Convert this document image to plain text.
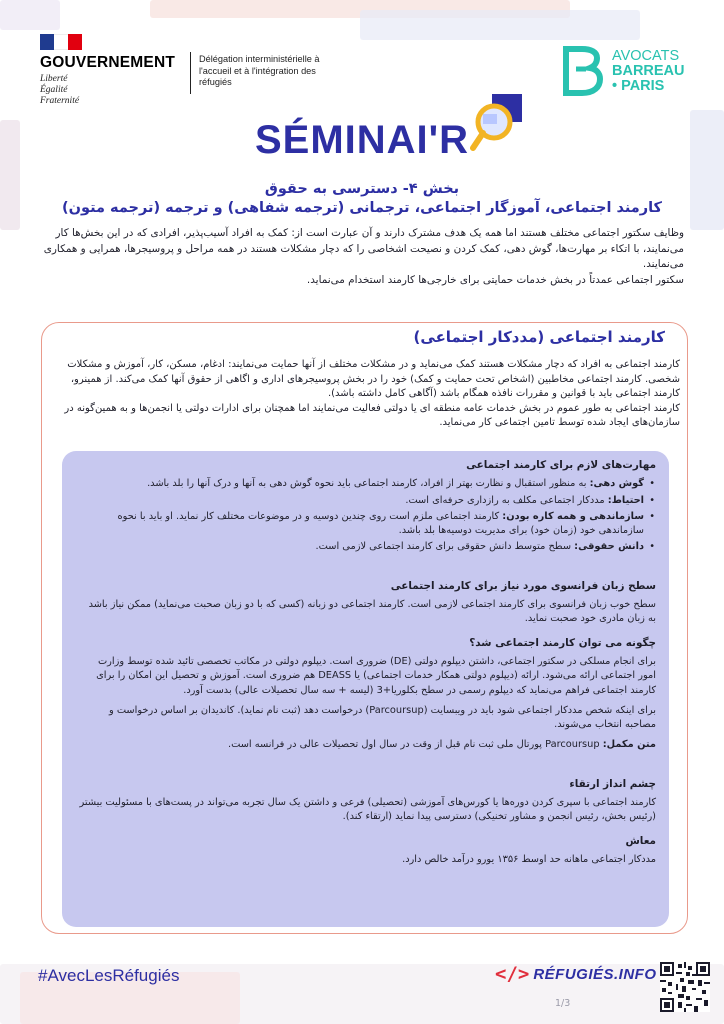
GOUVERNEMENT
Liberté
Égalité
Fraternité
Délégation interministérielle à
l'accueil et à l'intégration des
réfugiés
AVOCATS
BARREAU
• PARIS
SÉMINAI'R
بخش ۴- دسترسی به حقوق
کارمند اجتماعی، آموزگار اجتماعی، ترجمانی (ترجمه شفاهی) و ترجمه (ترجمه متون)
وظایف سکتور اجتماعی مختلف هستند اما همه یک هدف مشترک دارند و آن عبارت است از: کمک به افراد آسیب‌پذیر، افرادی که در این بخش‌ها کار می‌نمایند، با اتکاء بر مهارت‌ها، گوش دهی، کمک کردن و نصیحت اشخاصی را که دچار مشکلات هستند در همه مراحل و پروسیجرها، همرایی و همکاری می‌نمایند.
سکتور اجتماعی عمدتاً در بخش خدمات حمایتی برای خارجی‌ها کارمند استخدام می‌نماید.
کارمند اجتماعی (مددکار اجتماعی)
کارمند اجتماعی به افراد که دچار مشکلات هستند کمک می‌نماید و در مشکلات مختلف از آنها حمایت می‌نمایند: ادغام، مسکن، کار، آموزش و مشکلات شخصی. کارمند اجتماعی مخاطبین (اشخاص تحت حمایت و کمک) خود را در بخش پروسیجرهای اداری و اگاهی از حقوق آنها کمک می‌کند. از همینرو، کارمند اجتماعی باید با قوانین و مقررات نافذه همگام باشد (آگاهی کامل داشته باشد).
کارمند اجتماعی به طور عموم در بخش خدمات عامه منطقه ای یا دولتی فعالیت می‌نمایند اما همچنان برای ادارات دولتی یا انجمن‌ها و به همین‌گونه در سازمان‌های ایجاد شده توسط تامین اجتماعی کار می‌نماید.
مهارت‌های لازم برای کارمند اجتماعی
• گوش دهی: به منظور استقبال و نظارت بهتر از افراد، کارمند اجتماعی باید نحوه گوش دهی به آنها و درک آنها را بلد باشد.
• احتیاط: مددکار اجتماعی مکلف به رازداری حرفه‌ای است.
• سازماندهی و همه کاره بودن: کارمند اجتماعی ملزم است روی چندین دوسیه و در موضوعات مختلف کار نماید. او باید با نحوه سازماندهی خود (زمان خود) برای مدیریت دوسیه‌ها بلد باشد.
• دانش حقوقی: سطح متوسط دانش حقوقی برای کارمند اجتماعی لازمی است.
سطح زبان فرانسوی مورد نیاز برای کارمند اجتماعی
سطح خوب زبان فرانسوی برای کارمند اجتماعی لازمی است. کارمند اجتماعی دو زبانه (کسی که با دو زبان صحبت می‌نماید) ممکن نیاز باشد به زبان مادری خود صحبت نماید.
چگونه می توان کارمند اجتماعی شد؟
برای انجام مسلکی در سکتور اجتماعی، داشتن دیپلوم دولتی (DE) ضروری است. دیپلوم دولتی در مکاتب تخصصی تائید شده توسط وزارت امور اجتماعی ارائه می‌شود. ارائه (دیپلوم دولتی همکار خدمات اجتماعی) یا DEASS هم ضروری است. آموزش و تحصیل این امکان را برای کارمند اجتماعی فراهم می‌نماید که دیپلوم رسمی در سطح بکلوریا+3 (لیسه + سه سال تحصیلات عالی) بدست آورد.
برای اینکه شخص مددکار اجتماعی شود باید در ویبسایت (Parcoursup) درخواست دهد (ثبت نام نماید). کاندیدان بر اساس درخواست و مصاحبه انتخاب می‌شوند.
متن مکمل: Parcoursup پورتال ملی ثبت نام قبل از وقت در سال اول تحصیلات عالی در فرانسه است.
چشم انداز ارتقاء
کارمند اجتماعی با سپری کردن دوره‌ها یا کورس‌های آموزشی (تحصیلی) فرعی و داشتن یک سال تجربه می‌تواند در پست‌های با مسئولیت بیشتر (رئیس بخش، رئیس انجمن و مشاور تخنیکی) دسترسی پیدا نماید (ارتقاء کند).
معاش
مددکار اجتماعی ماهانه حد اوسط ۱۳۵۶ یورو درآمد خالص دارد.
#AvecLesRéfugiés	</> RÉFUGIÉS.INFO
1/3
